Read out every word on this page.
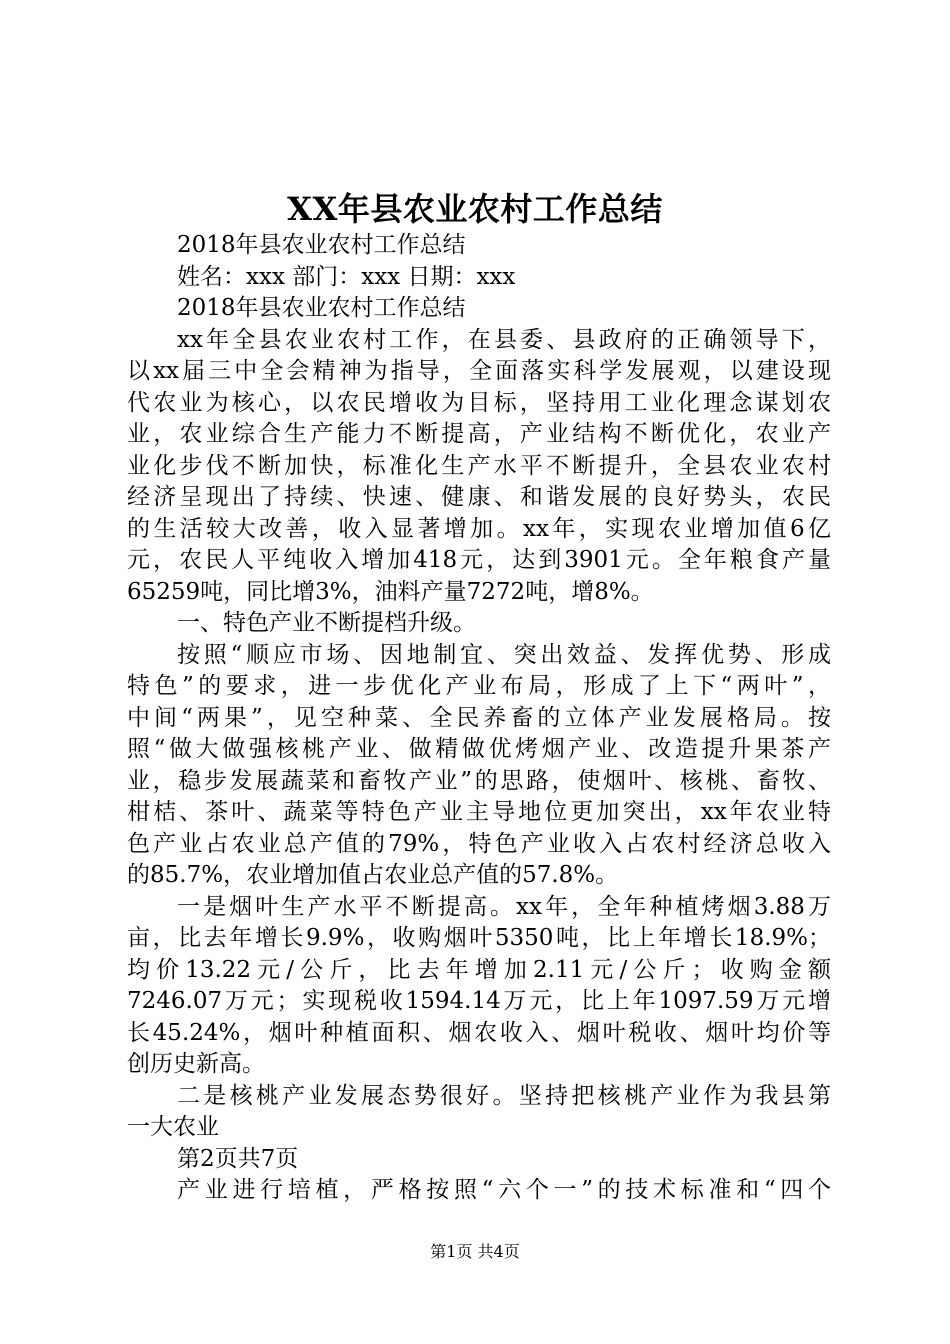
XX年县农业农村工作总结
2018年县农业农村工作总结
姓名：xxx 部门：xxx 日期：xxx
2018年县农业农村工作总结
xx年全县农业农村工作，在县委、县政府的正确领导下，
以xx届三中全会精神为指导，全面落实科学发展观，以建设现
代农业为核心，以农民增收为目标，坚持用工业化理念谋划农
业，农业综合生产能力不断提高，产业结构不断优化，农业产
业化步伐不断加快，标准化生产水平不断提升，全县农业农村
经济呈现出了持续、快速、健康、和谐发展的良好势头，农民
的生活较大改善，收入显著增加。xx年，实现农业增加值6亿
元，农民人平纯收入增加418元，达到3901元。全年粮食产量
65259吨，同比增3%，油料产量7272吨，增8%。
一、特色产业不断提档升级。
按照“顺应市场、因地制宜、突出效益、发挥优势、形成
特色”的要求，进一步优化产业布局，形成了上下“两叶”，
中间“两果”，见空种菜、全民养畜的立体产业发展格局。按
照“做大做强核桃产业、做精做优烤烟产业、改造提升果茶产
业，稳步发展蔬菜和畜牧产业”的思路，使烟叶、核桃、畜牧、
柑桔、茶叶、蔬菜等特色产业主导地位更加突出，xx年农业特
色产业占农业总产值的79%，特色产业收入占农村经济总收入
的85.7%，农业增加值占农业总产值的57.8%。
一是烟叶生产水平不断提高。xx年，全年种植烤烟3.88万
亩，比去年增长9.9%，收购烟叶5350吨，比上年增长18.9%；
均价13.22元/公斤，比去年增加2.11元/公斤；收购金额
7246.07万元；实现税收1594.14万元，比上年1097.59万元增
长45.24%，烟叶种植面积、烟农收入、烟叶税收、烟叶均价等
创历史新高。
二是核桃产业发展态势很好。坚持把核桃产业作为我县第
一大农业
第2页共7页
产业进行培植，严格按照“六个一”的技术标准和“四个
第1页 共4页
